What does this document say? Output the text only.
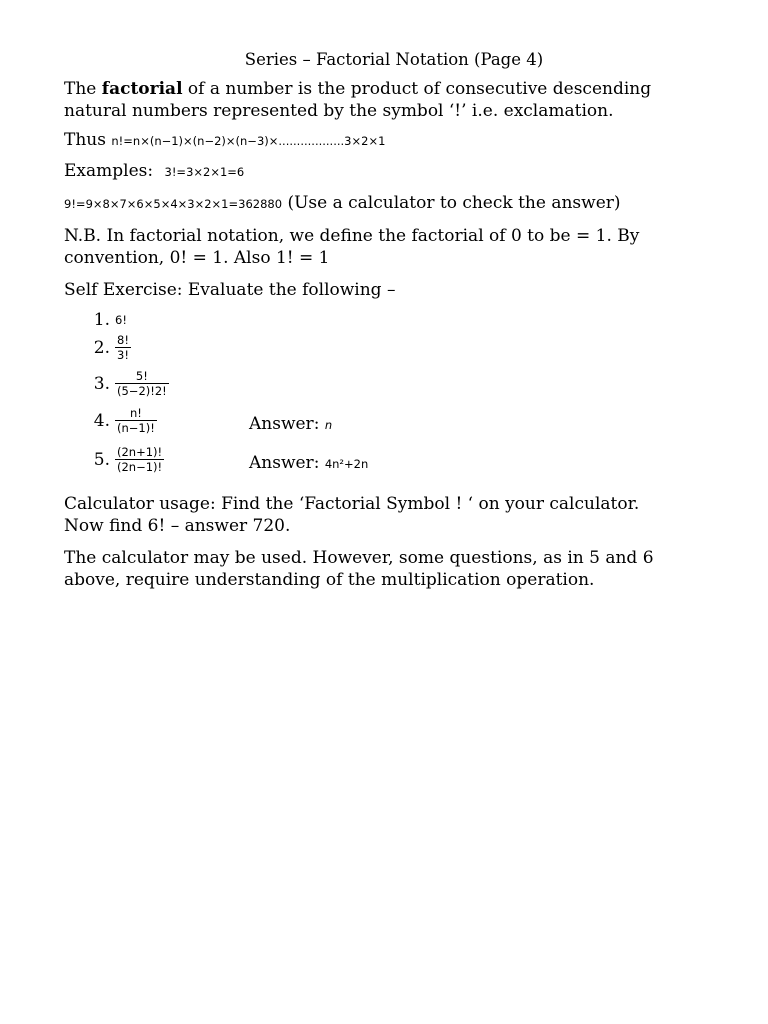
Series – Factorial Notation (Page 4)
The factorial of a number is the product of consecutive descending
natural numbers represented by the symbol ‘!’ i.e. exclamation.
Thus n!=n×(n−1)×(n−2)×(n−3)×..................3×2×1
Examples: 3!=3×2×1=6
9!=9×8×7×6×5×4×3×2×1=362880 (Use a calculator to check the answer)
N.B. In factorial notation, we define the factorial of 0 to be = 1. By
convention, 0! = 1. Also 1! = 1
Self Exercise: Evaluate the following –
1. 6!
2. $\frac{8!}{3!}$
3. $\frac{5!}{(5-2)!2!}$
4. $\frac{n!}{(n-1)!}$	Answer: n
5. $\frac{(2n+1)!}{(2n-1)!}$	Answer: 4n²+2n
Calculator usage: Find the ‘Factorial Symbol ! ‘ on your calculator.
Now find 6! – answer 720.
The calculator may be used. However, some questions, as in 5 and 6
above, require understanding of the multiplication operation.
